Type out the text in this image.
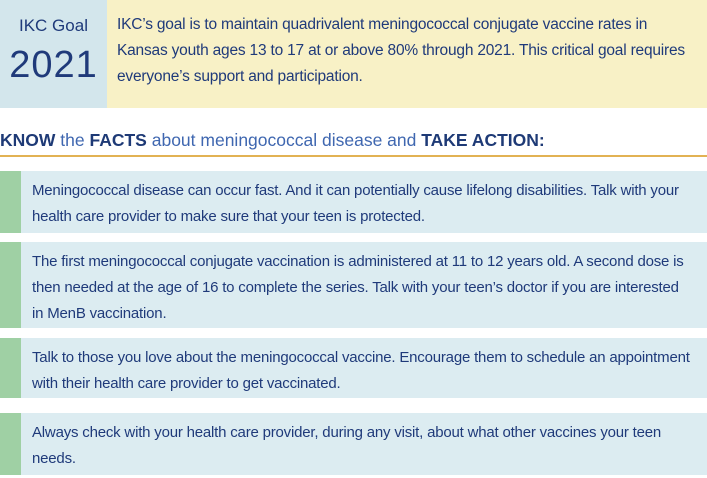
IKC Goal
2021
IKC’s goal is to maintain quadrivalent meningococcal conjugate vaccine rates in Kansas youth ages 13 to 17 at or above 80% through 2021. This critical goal requires everyone’s support and participation.
KNOW the FACTS about meningococcal disease and TAKE ACTION:
Meningococcal disease can occur fast. And it can potentially cause lifelong disabilities. Talk with your health care provider to make sure that your teen is protected.
The first meningococcal conjugate vaccination is administered at 11 to 12 years old. A second dose is then needed at the age of 16 to complete the series. Talk with your teen’s doctor if you are interested in MenB vaccination.
Talk to those you love about the meningococcal vaccine. Encourage them to schedule an appointment with their health care provider to get vaccinated.
Always check with your health care provider, during any visit, about what other vaccines your teen needs.
